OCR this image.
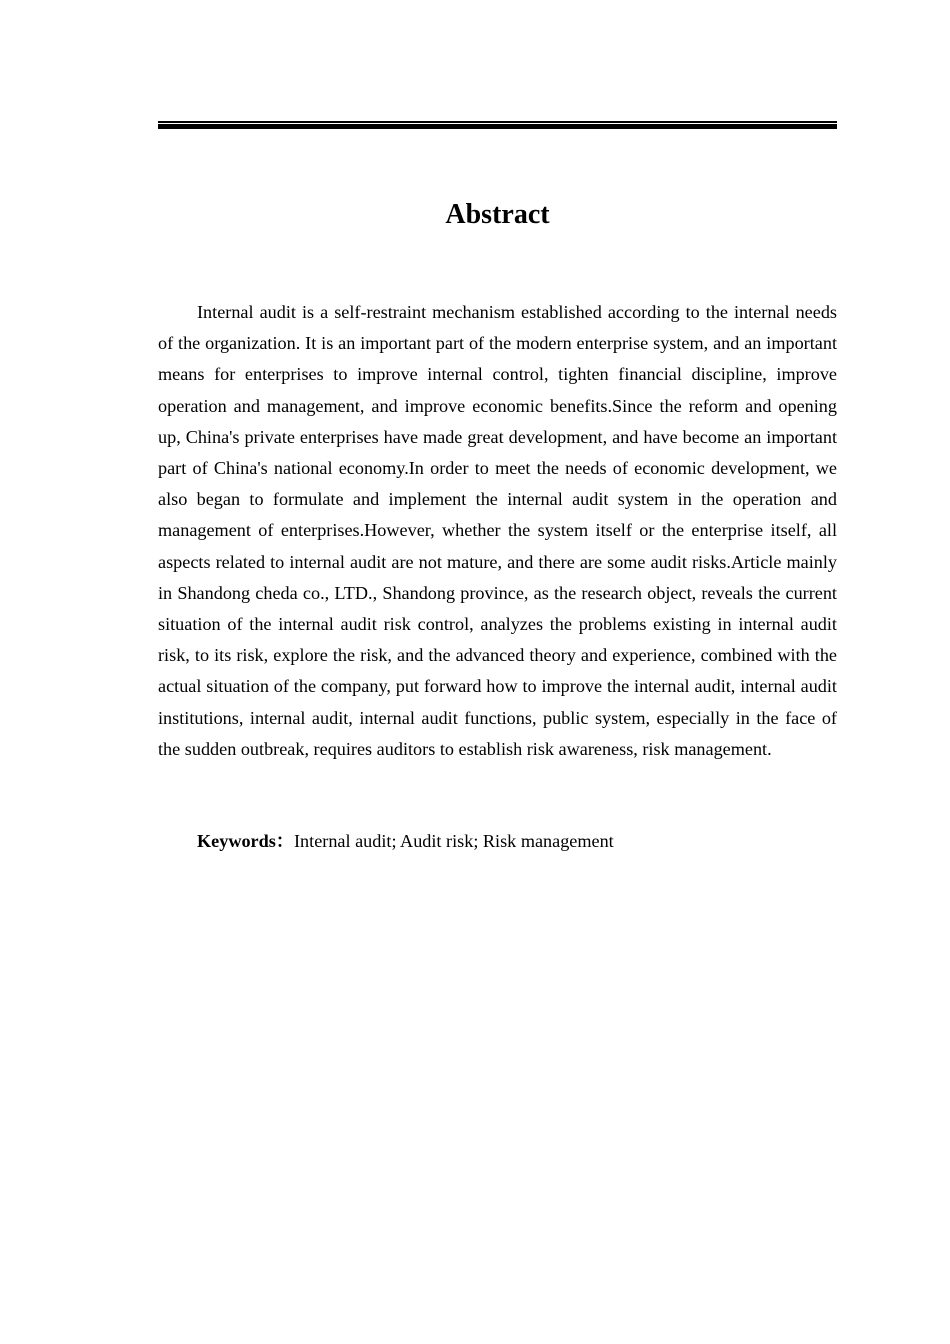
Abstract

Internal audit is a self-restraint mechanism established according to the internal needs of the organization. It is an important part of the modern enterprise system, and an important means for enterprises to improve internal control, tighten financial discipline, improve operation and management, and improve economic benefits.Since the reform and opening up, China's private enterprises have made great development, and have become an important part of China's national economy.In order to meet the needs of economic development, we also began to formulate and implement the internal audit system in the operation and management of enterprises.However, whether the system itself or the enterprise itself, all aspects related to internal audit are not mature, and there are some audit risks.Article mainly in Shandong cheda co., LTD., Shandong province, as the research object, reveals the current situation of the internal audit risk control, analyzes the problems existing in internal audit risk, to its risk, explore the risk, and the advanced theory and experience, combined with the actual situation of the company, put forward how to improve the internal audit, internal audit institutions, internal audit, internal audit functions, public system, especially in the face of the sudden outbreak, requires auditors to establish risk awareness, risk management.

Keywords：Internal audit; Audit risk; Risk management
